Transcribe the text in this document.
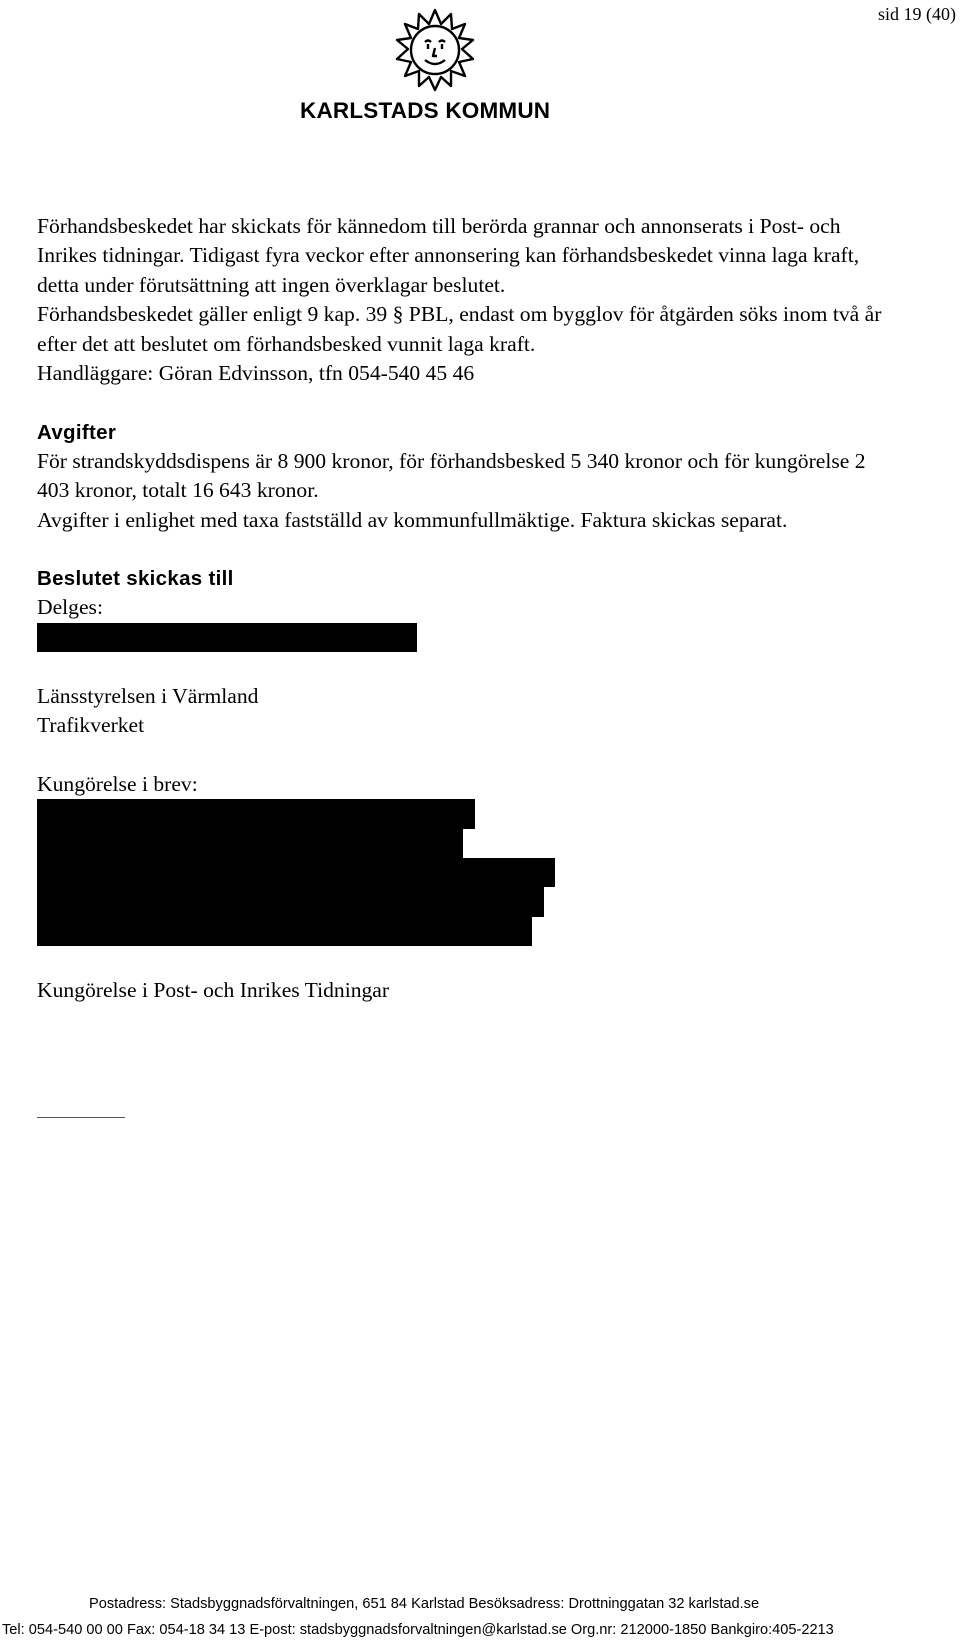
sid 19 (40)
KARLSTADS KOMMUN

Förhandsbeskedet har skickats för kännedom till berörda grannar och annonserats i Post- och Inrikes tidningar. Tidigast fyra veckor efter annonsering kan förhandsbeskedet vinna laga kraft, detta under förutsättning att ingen överklagar beslutet.

Förhandsbeskedet gäller enligt 9 kap. 39 § PBL, endast om bygglov för åtgärden söks inom två år efter det att beslutet om förhandsbesked vunnit laga kraft.

Handläggare: Göran Edvinsson, tfn 054-540 45 46

Avgifter

För strandskyddsdispens är 8 900 kronor, för förhandsbesked 5 340 kronor och för kungörelse 2 403 kronor, totalt 16 643 kronor.

Avgifter i enlighet med taxa fastställd av kommunfullmäktige. Faktura skickas separat.

Beslutet skickas till

Delges:

Länsstyrelsen i Värmland

Trafikverket

Kungörelse i brev:

Kungörelse i Post- och Inrikes Tidningar

Postadress: Stadsbyggnadsförvaltningen, 651 84 Karlstad Besöksadress: Drottninggatan 32 karlstad.se
Tel: 054-540 00 00 Fax: 054-18 34 13 E-post: stadsbyggnadsforvaltningen@karlstad.se Org.nr: 212000-1850 Bankgiro:405-2213
